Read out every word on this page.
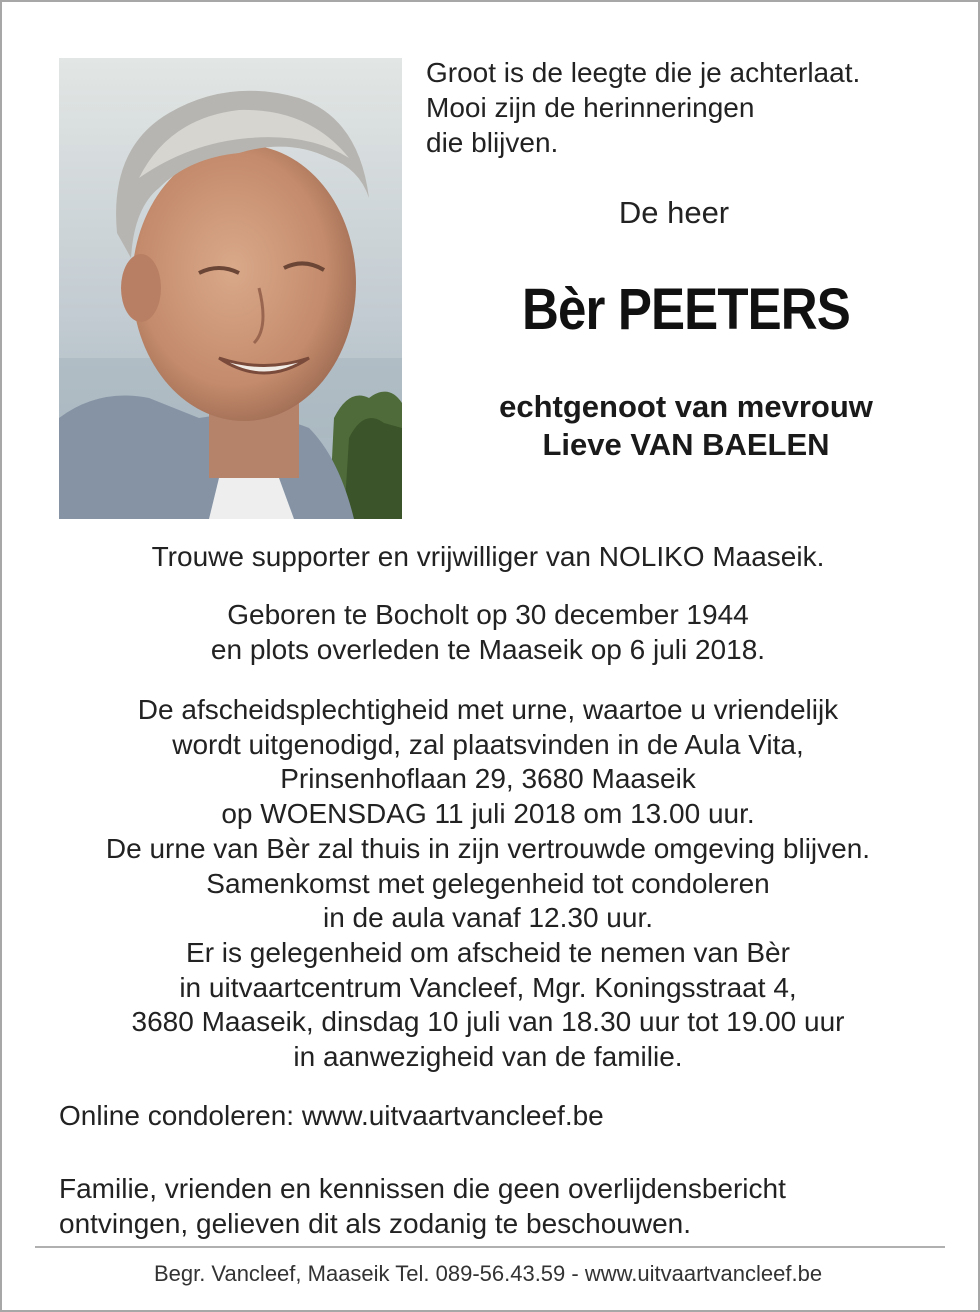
Groot is de leegte die je achterlaat.
Mooi zijn de herinneringen
die blijven.
De heer
Bèr PEETERS
echtgenoot van mevrouw
Lieve VAN BAELEN
Trouwe supporter en vrijwilliger van NOLIKO Maaseik.
Geboren te Bocholt op 30 december 1944
en plots overleden te Maaseik op 6 juli 2018.
De afscheidsplechtigheid met urne, waartoe u vriendelijk
wordt uitgenodigd, zal plaatsvinden in de Aula Vita,
Prinsenhoflaan 29, 3680 Maaseik
op WOENSDAG 11 juli 2018 om 13.00 uur.
De urne van Bèr zal thuis in zijn vertrouwde omgeving blijven.
Samenkomst met gelegenheid tot condoleren
in de aula vanaf 12.30 uur.
Er is gelegenheid om afscheid te nemen van Bèr
in uitvaartcentrum Vancleef, Mgr. Koningsstraat 4,
3680 Maaseik, dinsdag 10 juli van 18.30 uur tot 19.00 uur
in aanwezigheid van de familie.
Online condoleren: www.uitvaartvancleef.be
Familie, vrienden en kennissen die geen overlijdensbericht
ontvingen, gelieven dit als zodanig te beschouwen.
Begr. Vancleef, Maaseik Tel. 089-56.43.59 - www.uitvaartvancleef.be
